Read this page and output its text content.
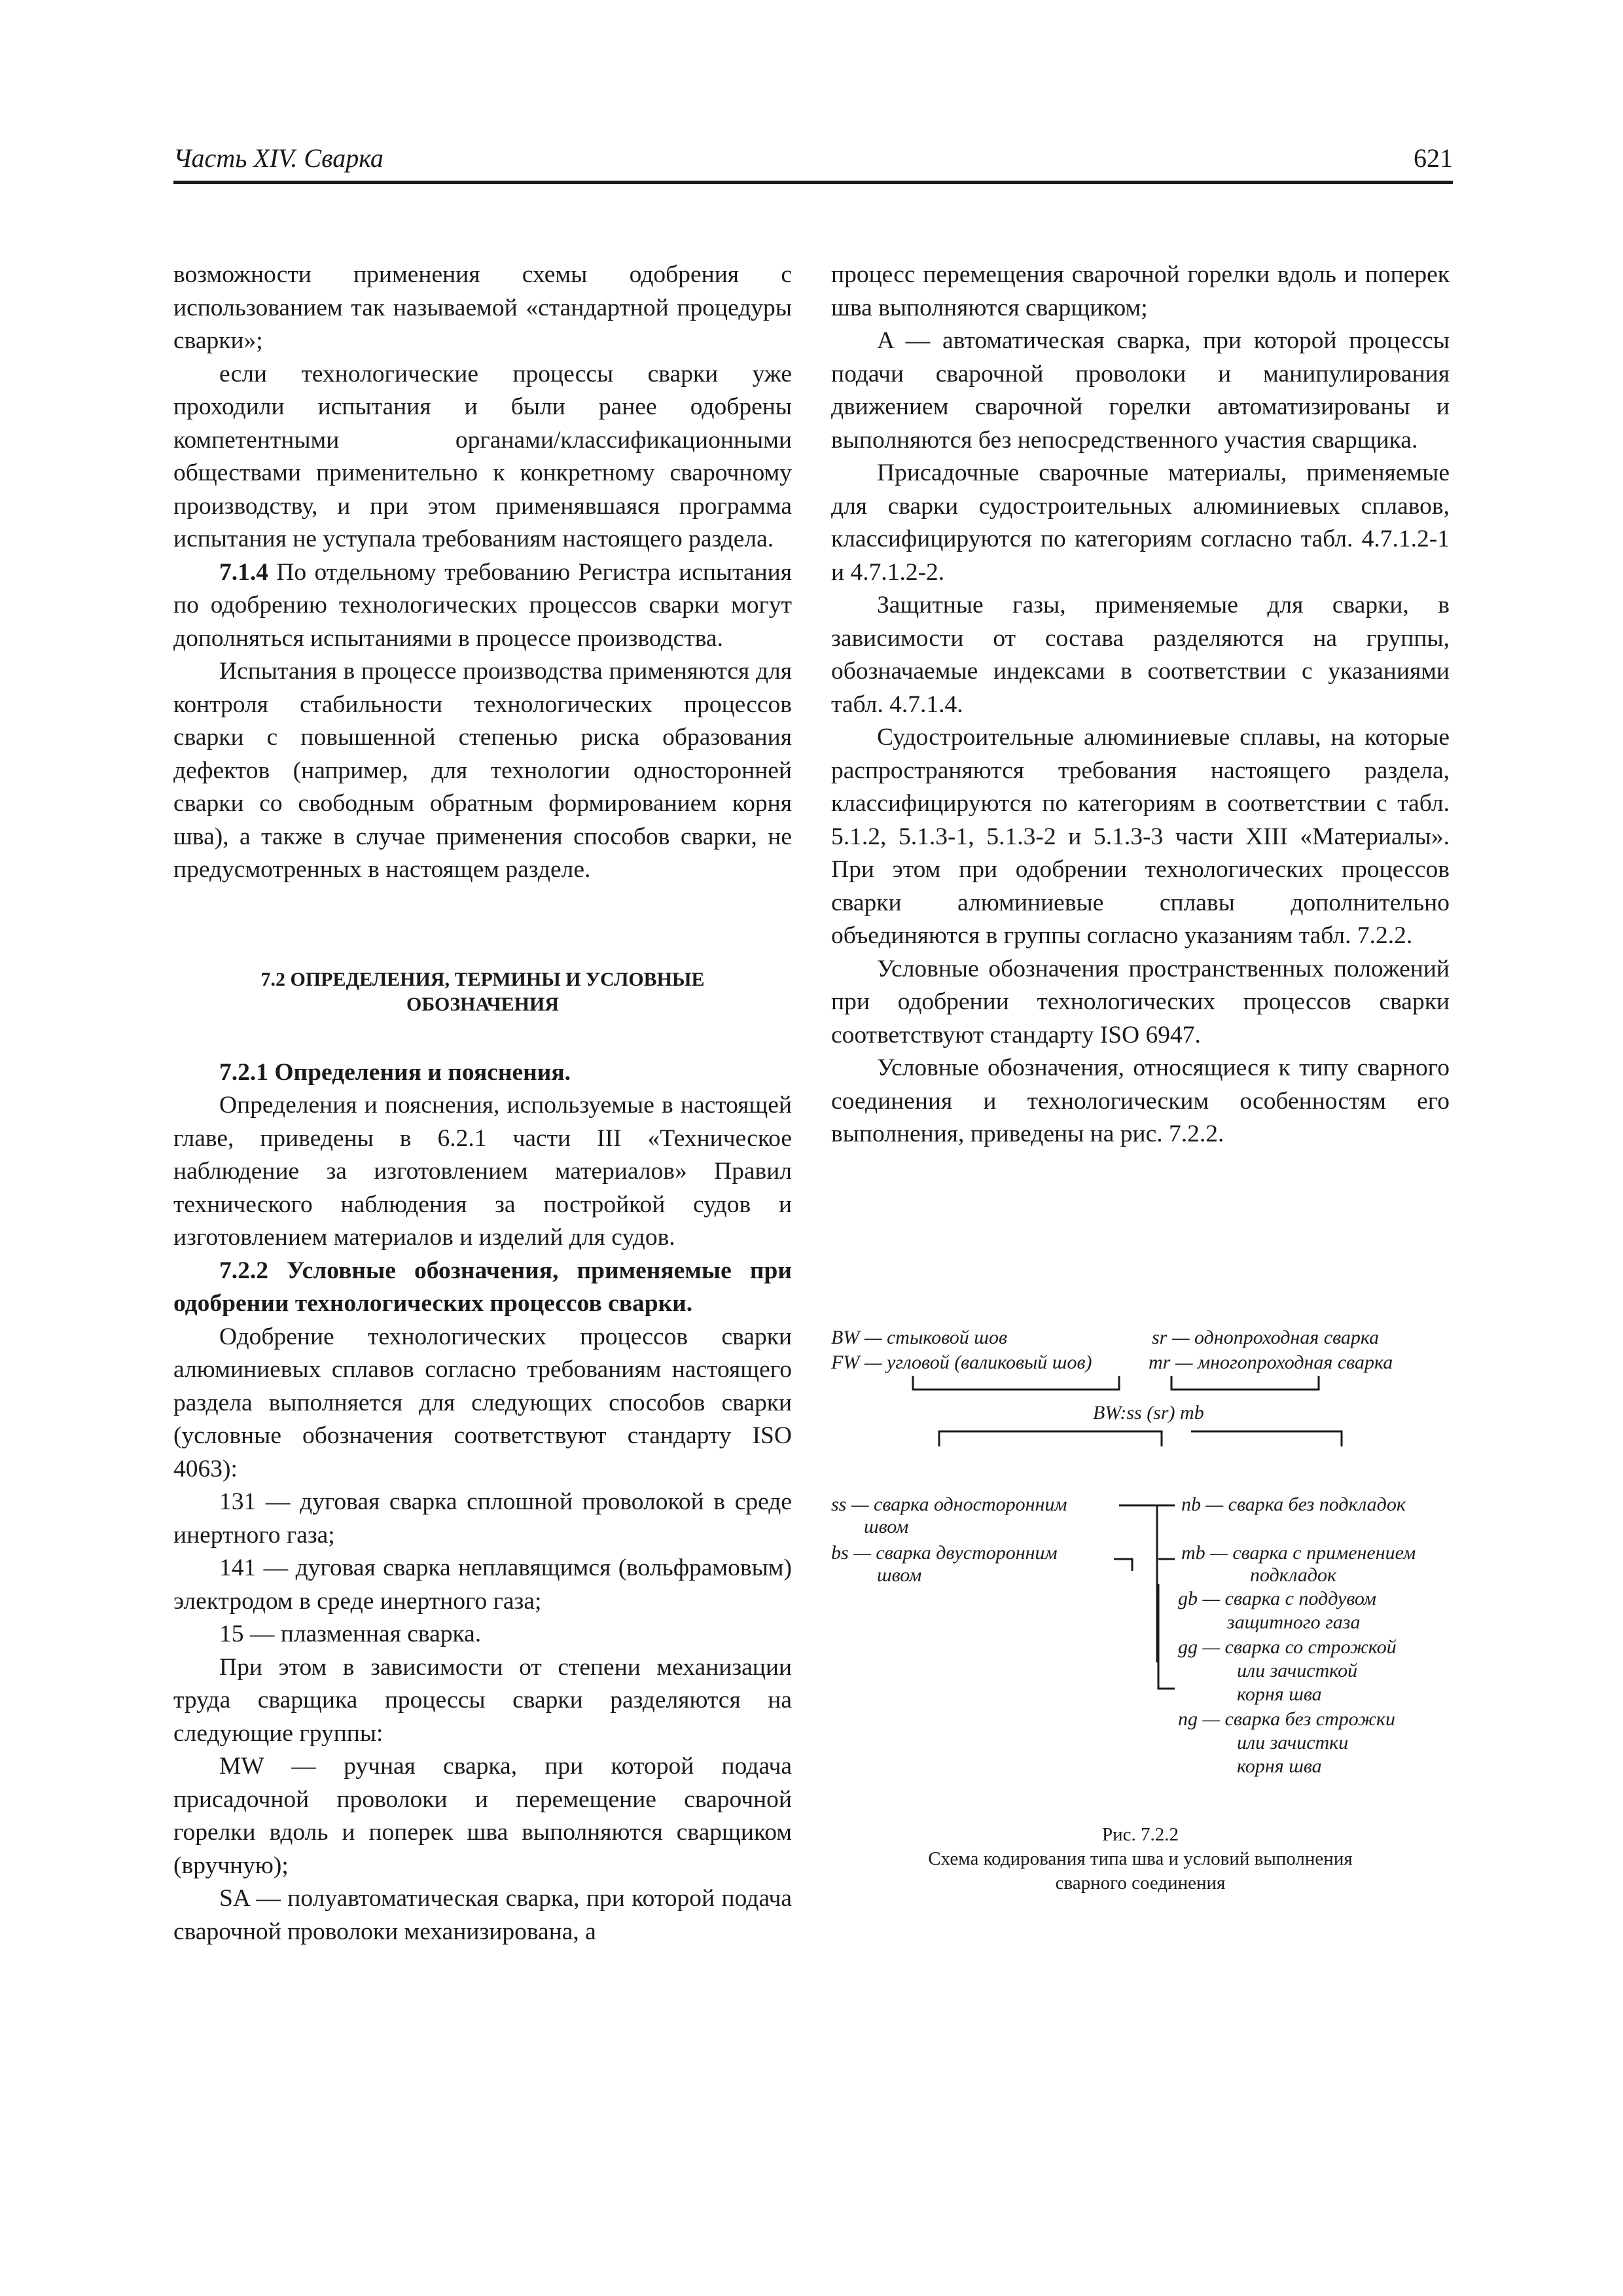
Часть XIV. Сварка	621

возможности применения схемы одобрения с использованием так называемой «стандартной процедуры сварки»;

если технологические процессы сварки уже проходили испытания и были ранее одобрены компетентными органами/классификационными обществами применительно к конкретному сварочному производству, и при этом применявшаяся программа испытания не уступала требованиям настоящего раздела.

7.1.4 По отдельному требованию Регистра испытания по одобрению технологических процессов сварки могут дополняться испытаниями в процессе производства.

Испытания в процессе производства применяются для контроля стабильности технологических процессов сварки с повышенной степенью риска образования дефектов (например, для технологии односторонней сварки со свободным обратным формированием корня шва), а также в случае применения способов сварки, не предусмотренных в настоящем разделе.

7.2 ОПРЕДЕЛЕНИЯ, ТЕРМИНЫ И УСЛОВНЫЕ
ОБОЗНАЧЕНИЯ

7.2.1 Определения и пояснения.

Определения и пояснения, используемые в настоящей главе, приведены в 6.2.1 части III «Техническое наблюдение за изготовлением материалов» Правил технического наблюдения за постройкой судов и изготовлением материалов и изделий для судов.

7.2.2 Условные обозначения, применяемые при одобрении технологических процессов сварки.

Одобрение технологических процессов сварки алюминиевых сплавов согласно требованиям настоящего раздела выполняется для следующих способов сварки (условные обозначения соответствуют стандарту ISO 4063):

131 — дуговая сварка сплошной проволокой в среде инертного газа;

141 — дуговая сварка неплавящимся (вольфрамовым) электродом в среде инертного газа;

15 — плазменная сварка.

При этом в зависимости от степени механизации труда сварщика процессы сварки разделяются на следующие группы:

MW — ручная сварка, при которой подача присадочной проволоки и перемещение сварочной горелки вдоль и поперек шва выполняются сварщиком (вручную);

SA — полуавтоматическая сварка, при которой подача сварочной проволоки механизирована, а

процесс перемещения сварочной горелки вдоль и поперек шва выполняются сварщиком;

A — автоматическая сварка, при которой процессы подачи сварочной проволоки и манипулирования движением сварочной горелки автоматизированы и выполняются без непосредственного участия сварщика.

Присадочные сварочные материалы, применяемые для сварки судостроительных алюминиевых сплавов, классифицируются по категориям согласно табл. 4.7.1.2-1 и 4.7.1.2-2.

Защитные газы, применяемые для сварки, в зависимости от состава разделяются на группы, обозначаемые индексами в соответствии с указаниями табл. 4.7.1.4.

Судостроительные алюминиевые сплавы, на которые распространяются требования настоящего раздела, классифицируются по категориям в соответствии с табл. 5.1.2, 5.1.3-1, 5.1.3-2 и 5.1.3-3 части XIII «Материалы». При этом при одобрении технологических процессов сварки алюминиевые сплавы дополнительно объединяются в группы согласно указаниям табл. 7.2.2.

Условные обозначения пространственных положений при одобрении технологических процессов сварки соответствуют стандарту ISO 6947.

Условные обозначения, относящиеся к типу сварного соединения и технологическим особенностям его выполнения, приведены на рис. 7.2.2.

BW — стыковой шов
FW — угловой (валиковый шов)
sr — однопроходная сварка
mr — многопроходная сварка
BW:ss (sr) mb
ss — сварка односторонним
швом
bs — сварка двусторонним
швом
nb — сварка без подкладок
mb — сварка с применением
подкладок
gb — сварка с поддувом
защитного газа
gg — сварка со строжкой
или зачисткой
корня шва
ng — сварка без строжки
или зачистки
корня шва
Рис. 7.2.2
Схема кодирования типа шва и условий выполнения
сварного соединения
